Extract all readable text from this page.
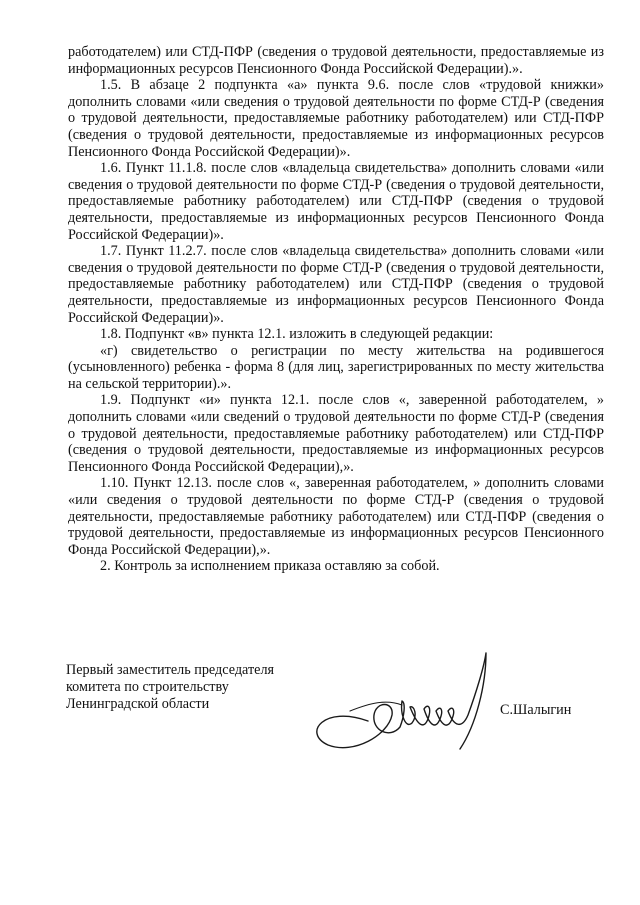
работодателем) или СТД-ПФР (сведения о трудовой деятельности, предоставляемые из информационных ресурсов Пенсионного Фонда Российской Федерации).».

1.5. В абзаце 2 подпункта «а» пункта 9.6. после слов «трудовой книжки» дополнить словами «или сведения о трудовой деятельности по форме СТД-Р (сведения о трудовой деятельности, предоставляемые работнику работодателем) или СТД-ПФР (сведения о трудовой деятельности, предоставляемые из информационных ресурсов Пенсионного Фонда Российской Федерации)».

1.6. Пункт 11.1.8. после слов «владельца свидетельства» дополнить словами «или сведения о трудовой деятельности по форме СТД-Р (сведения о трудовой деятельности, предоставляемые работнику работодателем) или СТД-ПФР (сведения о трудовой деятельности, предоставляемые из информационных ресурсов Пенсионного Фонда Российской Федерации)».

1.7. Пункт 11.2.7. после слов «владельца свидетельства» дополнить словами «или сведения о трудовой деятельности по форме СТД-Р (сведения о трудовой деятельности, предоставляемые работнику работодателем) или СТД-ПФР (сведения о трудовой деятельности, предоставляемые из информационных ресурсов Пенсионного Фонда Российской Федерации)».

1.8. Подпункт «в» пункта 12.1. изложить в следующей редакции:

«г) свидетельство о регистрации по месту жительства на родившегося (усыновленного) ребенка - форма 8 (для лиц, зарегистрированных по месту жительства на сельской территории).».

1.9. Подпункт «и» пункта 12.1. после слов «, заверенной работодателем, » дополнить словами «или сведений о трудовой деятельности по форме СТД-Р (сведения о трудовой деятельности, предоставляемые работнику работодателем) или СТД-ПФР (сведения о трудовой деятельности, предоставляемые из информационных ресурсов Пенсионного Фонда Российской Федерации),».

1.10. Пункт 12.13. после слов «, заверенная работодателем, » дополнить словами «или сведения о трудовой деятельности по форме СТД-Р (сведения о трудовой деятельности, предоставляемые работнику работодателем) или СТД-ПФР (сведения о трудовой деятельности, предоставляемые из информационных ресурсов Пенсионного Фонда Российской Федерации),».

2. Контроль за исполнением приказа оставляю за собой.

Первый заместитель председателя
комитета по строительству
Ленинградской области	С.Шалыгин
